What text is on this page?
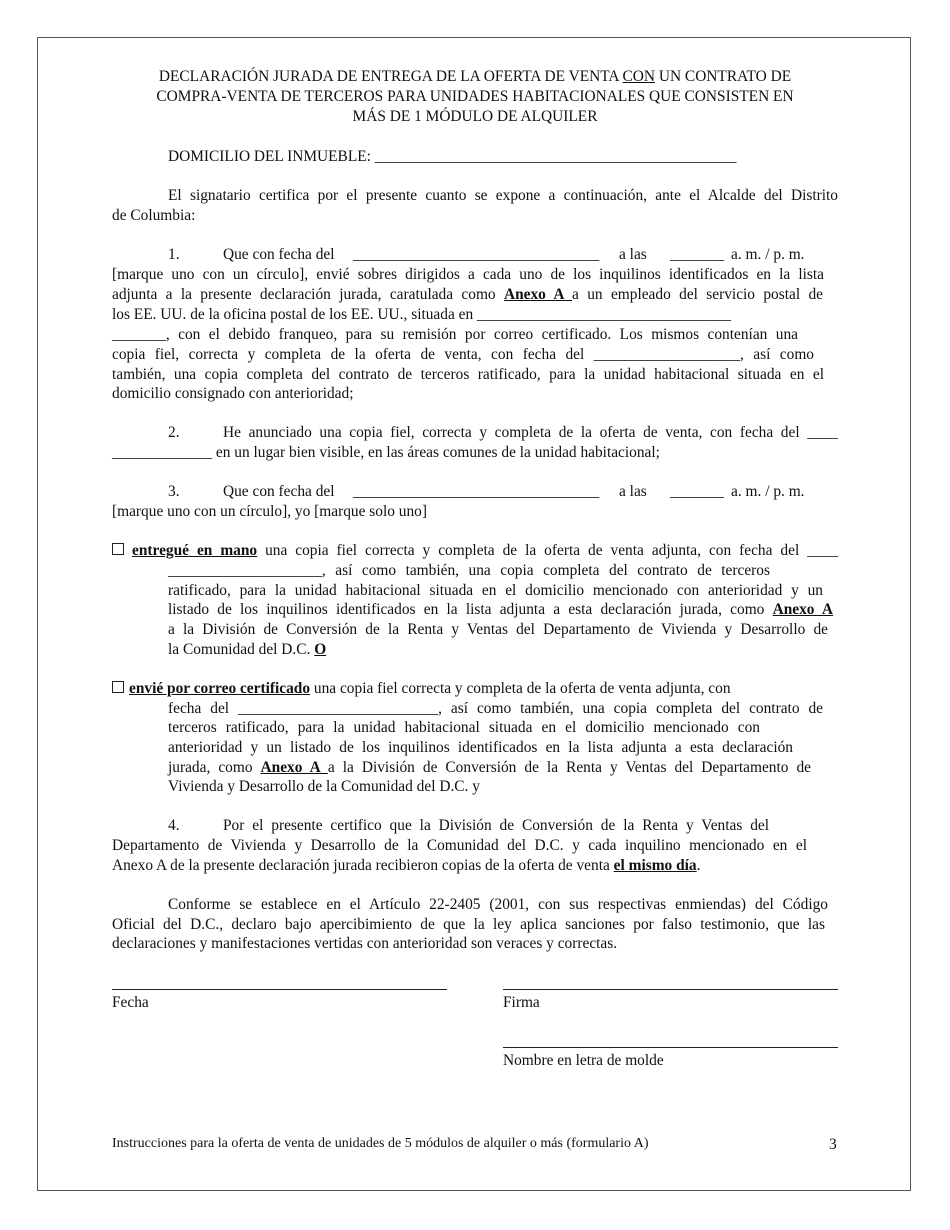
DECLARACIÓN JURADA DE ENTREGA DE LA OFERTA DE VENTA CON UN CONTRATO DE
COMPRA-VENTA DE TERCEROS PARA UNIDADES HABITACIONALES QUE CONSISTEN EN
MÁS DE 1 MÓDULO DE ALQUILER
DOMICILIO DEL INMUEBLE: _______________________________________________
El signatario certifica por el presente cuanto se expone a continuación, ante el Alcalde del Distrito
de Columbia:
1.	Que con fecha del ________________________________ a las _______ a. m. / p. m.
[marque uno con un círculo], envié sobres dirigidos a cada uno de los inquilinos identificados en la lista
adjunta a la presente declaración jurada, caratulada como Anexo A a un empleado del servicio postal de
los EE. UU. de la oficina postal de los EE. UU., situada en _________________________________
_______, con el debido franqueo, para su remisión por correo certificado. Los mismos contenían una
copia fiel, correcta y completa de la oferta de venta, con fecha del ___________________, así como
también, una copia completa del contrato de terceros ratificado, para la unidad habitacional situada en el
domicilio consignado con anterioridad;
2.	He anunciado una copia fiel, correcta y completa de la oferta de venta, con fecha del ____
_____________ en un lugar bien visible, en las áreas comunes de la unidad habitacional;
3.	Que con fecha del ________________________________ a las _______ a. m. / p. m.
[marque uno con un círculo], yo [marque solo uno]
entregué en mano una copia fiel correcta y completa de la oferta de venta adjunta, con fecha del ____
____________________, así como también, una copia completa del contrato de terceros
ratificado, para la unidad habitacional situada en el domicilio mencionado con anterioridad y un
listado de los inquilinos identificados en la lista adjunta a esta declaración jurada, como Anexo A
a la División de Conversión de la Renta y Ventas del Departamento de Vivienda y Desarrollo de
la Comunidad del D.C. O
envié por correo certificado una copia fiel correcta y completa de la oferta de venta adjunta, con
fecha del __________________________, así como también, una copia completa del contrato de
terceros ratificado, para la unidad habitacional situada en el domicilio mencionado con
anterioridad y un listado de los inquilinos identificados en la lista adjunta a esta declaración
jurada, como Anexo A a la División de Conversión de la Renta y Ventas del Departamento de
Vivienda y Desarrollo de la Comunidad del D.C. y
4.	Por el presente certifico que la División de Conversión de la Renta y Ventas del
Departamento de Vivienda y Desarrollo de la Comunidad del D.C. y cada inquilino mencionado en el
Anexo A de la presente declaración jurada recibieron copias de la oferta de venta el mismo día.
Conforme se establece en el Artículo 22-2405 (2001, con sus respectivas enmiendas) del Código
Oficial del D.C., declaro bajo apercibimiento de que la ley aplica sanciones por falso testimonio, que las
declaraciones y manifestaciones vertidas con anterioridad son veraces y correctas.
Fecha	Firma
Nombre en letra de molde
Instrucciones para la oferta de venta de unidades de 5 módulos de alquiler o más (formulario A)	3
